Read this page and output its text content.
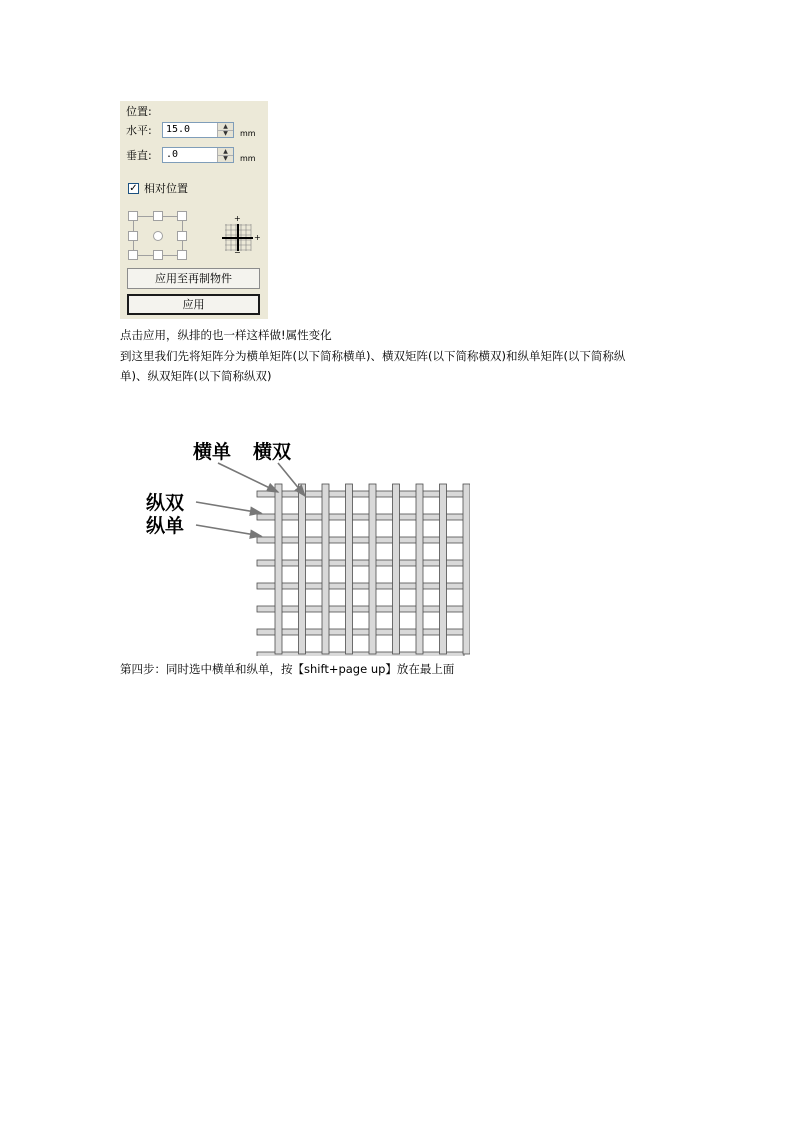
位置:
水平: 15.0	▲
▼	mm
垂直: .0	▲
▼	mm
✓ 相对位置
+
+
−
应用至再制物件
应用
点击应用，纵排的也一样这样做!属性变化
到这里我们先将矩阵分为横单矩阵(以下简称横单)、横双矩阵(以下简称横双)和纵单矩阵(以下简称纵
单)、纵双矩阵(以下简称纵双)
横单 横双
纵双
纵单
第四步：同时选中横单和纵单，按【shift+page up】放在最上面
